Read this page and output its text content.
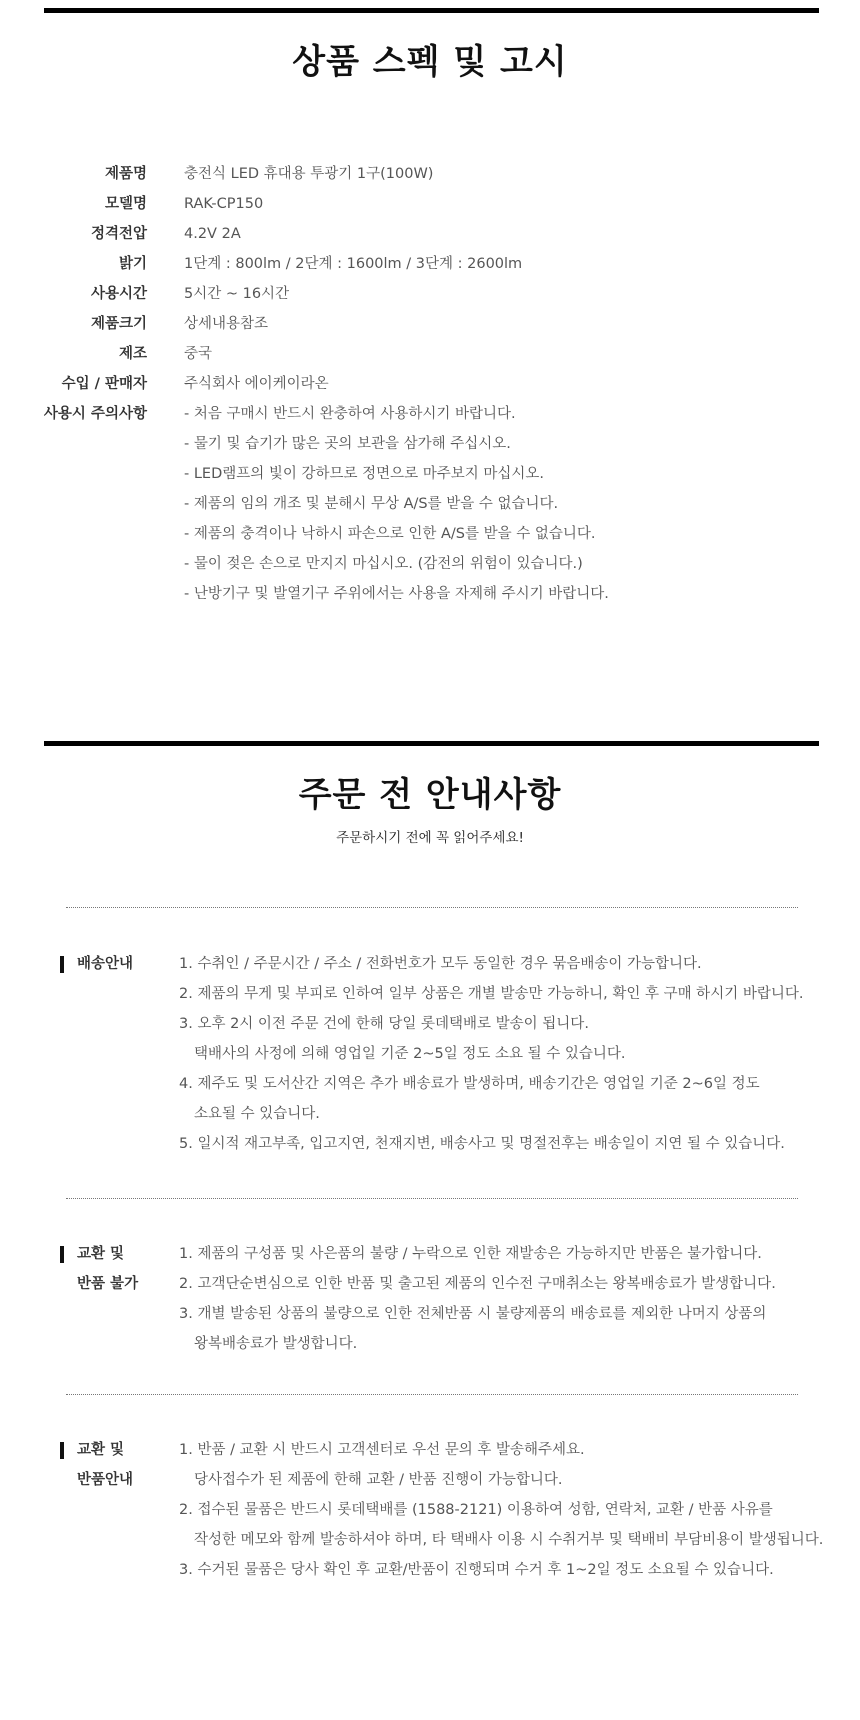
상품 스펙 및 고시
제품명	충전식 LED 휴대용 투광기 1구(100W)
모델명	RAK-CP150
정격전압	4.2V 2A
밝기	1단계 : 800lm / 2단계 : 1600lm / 3단계 : 2600lm
사용시간	5시간 ~ 16시간
제품크기	상세내용참조
제조	중국
수입 / 판매자	주식회사 에이케이라온
사용시 주의사항	- 처음 구매시 반드시 완충하여 사용하시기 바랍니다.
- 물기 및 습기가 많은 곳의 보관을 삼가해 주십시오.
- LED램프의 빛이 강하므로 정면으로 마주보지 마십시오.
- 제품의 임의 개조 및 분해시 무상 A/S를 받을 수 없습니다.
- 제품의 충격이나 낙하시 파손으로 인한 A/S를 받을 수 없습니다.
- 물이 젖은 손으로 만지지 마십시오. (감전의 위험이 있습니다.)
- 난방기구 및 발열기구 주위에서는 사용을 자제해 주시기 바랍니다.
주문 전 안내사항
주문하시기 전에 꼭 읽어주세요!
배송안내	1. 수취인 / 주문시간 / 주소 / 전화번호가 모두 동일한 경우 묶음배송이 가능합니다.
2. 제품의 무게 및 부피로 인하여 일부 상품은 개별 발송만 가능하니, 확인 후 구매 하시기 바랍니다.
3. 오후 2시 이전 주문 건에 한해 당일 롯데택배로 발송이 됩니다.
택배사의 사정에 의해 영업일 기준 2~5일 정도 소요 될 수 있습니다.
4. 제주도 및 도서산간 지역은 추가 배송료가 발생하며, 배송기간은 영업일 기준 2~6일 정도
소요될 수 있습니다.
5. 일시적 재고부족, 입고지연, 천재지변, 배송사고 및 명절전후는 배송일이 지연 될 수 있습니다.
교환 및
반품 불가
1. 제품의 구성품 및 사은품의 불량 / 누락으로 인한 재발송은 가능하지만 반품은 불가합니다.
2. 고객단순변심으로 인한 반품 및 출고된 제품의 인수전 구매취소는 왕복배송료가 발생합니다.
3. 개별 발송된 상품의 불량으로 인한 전체반품 시 불량제품의 배송료를 제외한 나머지 상품의
왕복배송료가 발생합니다.
교환 및
반품안내
1. 반품 / 교환 시 반드시 고객센터로 우선 문의 후 발송해주세요.
당사접수가 된 제품에 한해 교환 / 반품 진행이 가능합니다.
2. 접수된 물품은 반드시 롯데택배를 (1588-2121) 이용하여 성함, 연락처, 교환 / 반품 사유를
작성한 메모와 함께 발송하셔야 하며, 타 택배사 이용 시 수취거부 및 택배비 부담비용이 발생됩니다.
3. 수거된 물품은 당사 확인 후 교환/반품이 진행되며 수거 후 1~2일 정도 소요될 수 있습니다.
